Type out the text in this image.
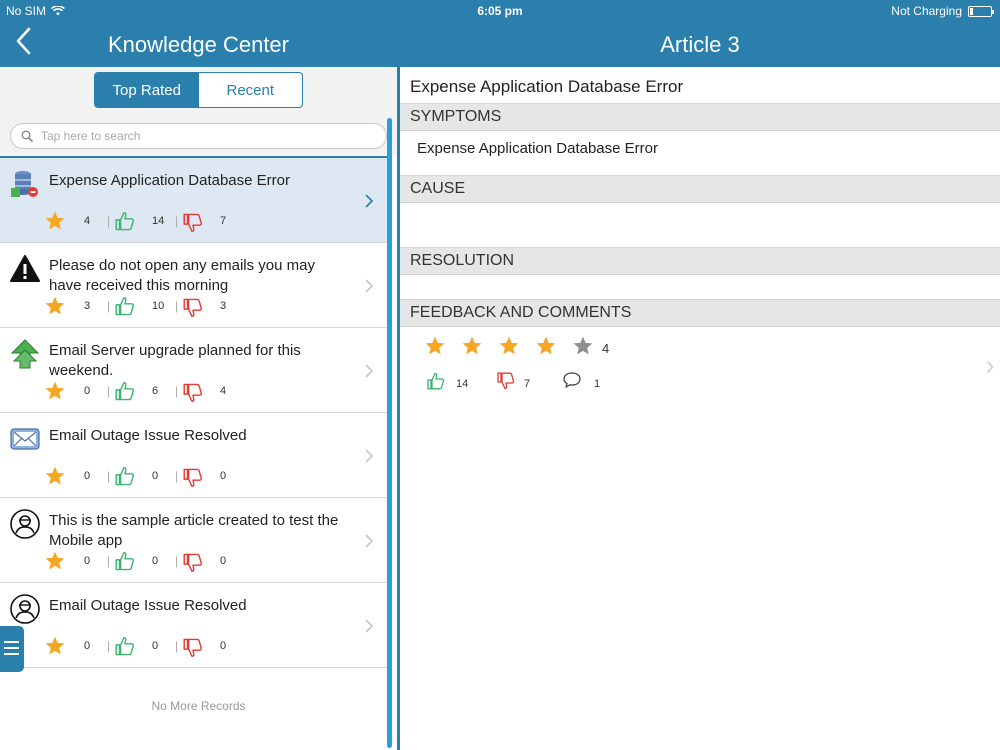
No SIM	6:05 pm	Not Charging
Knowledge Center	Article 3
Top Rated	Recent
Tap here to search
Expense Application Database Error
4 |	14 |	7
Please do not open any emails you may have received this morning
3 |	10 |	3
Email Server upgrade planned for this weekend.
0 |	6 |	4
Email Outage Issue Resolved
0 |	0 |	0
This is the sample article created to test the Mobile app
0 |	0 |	0
Email Outage Issue Resolved
0 |	0 |	0
No More Records
Expense Application Database Error
SYMPTOMS
Expense Application Database Error
CAUSE
RESOLUTION
FEEDBACK AND COMMENTS
4
14	7	1
